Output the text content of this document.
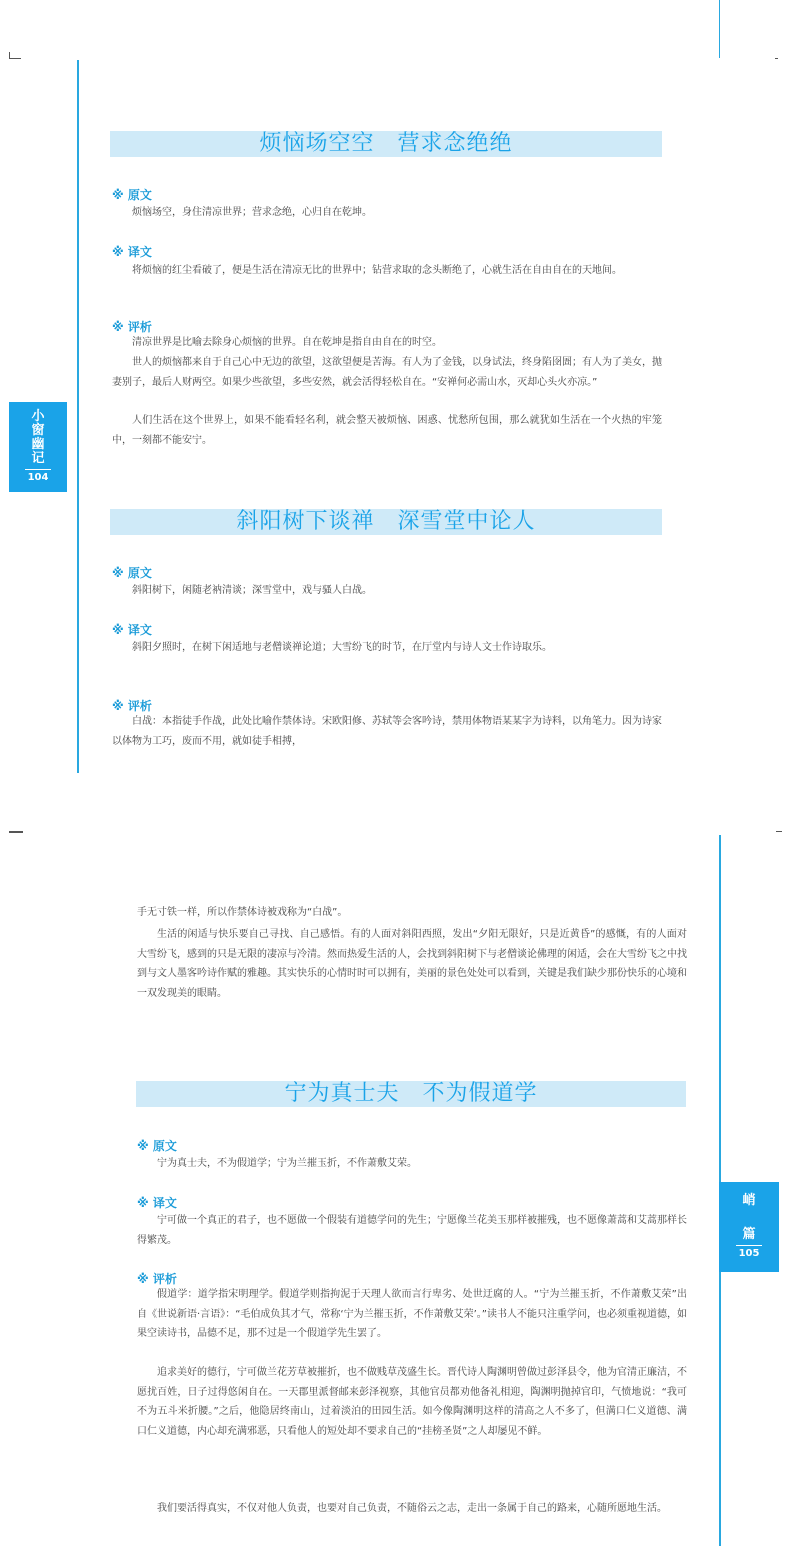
小
窗
幽
记
104
烦恼场空空　营求念绝绝
※ 原文

烦恼场空，身住清凉世界；营求念绝，心归自在乾坤。

※ 译文

将烦恼的红尘看破了，便是生活在清凉无比的世界中；钻营求取的念头断绝了，心就生活在自由自在的天地间。

※ 评析

清凉世界是比喻去除身心烦恼的世界。自在乾坤是指自由自在的时空。

世人的烦恼都来自于自己心中无边的欲望，这欲望便是苦海。有人为了金钱，以身试法，终身陷囹圄；有人为了美女，抛妻别子，最后人财两空。如果少些欲望，多些安然，就会活得轻松自在。“安禅何必需山水，灭却心头火亦凉。”

人们生活在这个世界上，如果不能看轻名利，就会整天被烦恼、困惑、忧愁所包围，那么就犹如生活在一个火热的牢笼中，一刻都不能安宁。

斜阳树下谈禅　深雪堂中论人
※ 原文

斜阳树下，闲随老衲清谈；深雪堂中，戏与骚人白战。

※ 译文

斜阳夕照时，在树下闲适地与老僧谈禅论道；大雪纷飞的时节，在厅堂内与诗人文士作诗取乐。

※ 评析

白战：本指徒手作战，此处比喻作禁体诗。宋欧阳修、苏轼等会客吟诗，禁用体物语某某字为诗料，以角笔力。因为诗家以体物为工巧，废而不用，就如徒手相搏，

峭
篇
105

手无寸铁一样，所以作禁体诗被戏称为“白战”。

生活的闲适与快乐要自己寻找、自己感悟。有的人面对斜阳西照，发出“夕阳无限好，只是近黄昏”的感慨，有的人面对大雪纷飞，感到的只是无限的凄凉与冷清。然而热爱生活的人，会找到斜阳树下与老僧谈论佛理的闲适，会在大雪纷飞之中找到与文人墨客吟诗作赋的雅趣。其实快乐的心情时时可以拥有，美丽的景色处处可以看到，关键是我们缺少那份快乐的心境和一双发现美的眼睛。

宁为真士夫　不为假道学
※ 原文

宁为真士夫，不为假道学；宁为兰摧玉折，不作萧敷艾荣。

※ 译文

宁可做一个真正的君子，也不愿做一个假装有道德学问的先生；宁愿像兰花美玉那样被摧残，也不愿像萧蒿和艾蒿那样长得繁茂。

※ 评析

假道学：道学指宋明理学。假道学则指拘泥于天理人欲而言行卑劣、处世迂腐的人。“宁为兰摧玉折，不作萧敷艾荣”出自《世说新语·言语》：“毛伯成负其才气，常称‘宁为兰摧玉折，不作萧敷艾荣’。”读书人不能只注重学问，也必须重视道德，如果空读诗书，品德不足，那不过是一个假道学先生罢了。

追求美好的德行，宁可做兰花芳草被摧折，也不做贱草茂盛生长。晋代诗人陶渊明曾做过彭泽县令，他为官清正廉洁，不愿扰百姓，日子过得悠闲自在。一天郡里派督邮来彭泽视察，其他官员都劝他备礼相迎，陶渊明抛掉官印，气愤地说：“我可不为五斗米折腰。”之后，他隐居终南山，过着淡泊的田园生活。如今像陶渊明这样的清高之人不多了，但满口仁义道德、满口仁义道德，内心却充满邪恶，只看他人的短处却不要求自己的“挂榜圣贤”之人却屡见不鲜。

我们要活得真实，不仅对他人负责，也要对自己负责，不随俗云之志，走出一条属于自己的路来，心随所愿地生活。
